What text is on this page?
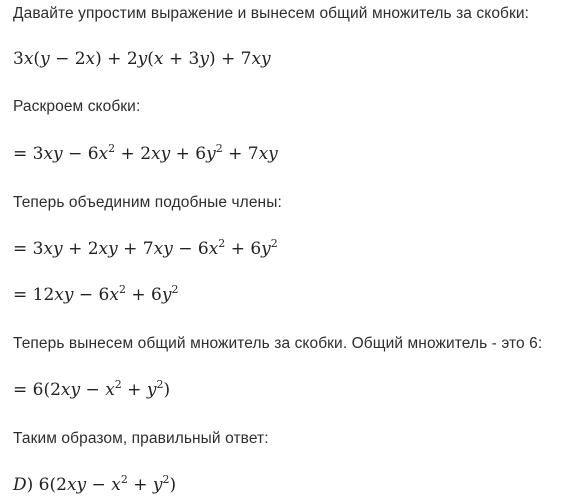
Давайте упростим выражение и вынесем общий множитель за скобки:
3x(y − 2x) + 2y(x + 3y) + 7xy
Раскроем скобки:
= $3xy - 6x^2 + 2xy + 6y^2 + 7xy$
Теперь объединим подобные члены:
= $3xy + 2xy + 7xy - 6x^2 + 6y^2$
= $12xy - 6x^2 + 6y^2$
Теперь вынесем общий множитель за скобки. Общий множитель - это 6:
= $6(2xy - x^2 + y^2)$
Таким образом, правильный ответ:
D) $6(2xy - x^2 + y^2)$
